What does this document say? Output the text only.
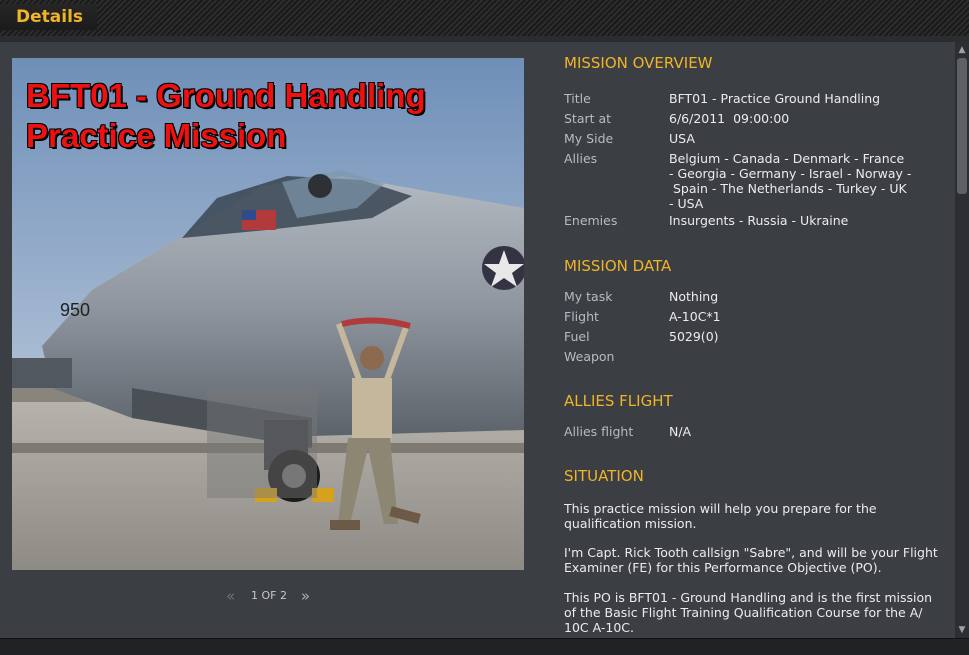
Details
950
BFT01 - Ground Handling
Practice Mission
« 1 OF 2 »
MISSION OVERVIEW
Title	BFT01 - Practice Ground Handling
Start at	6/6/2011  09:00:00
My Side	USA
Allies	Belgium - Canada - Denmark - France
- Georgia - Germany - Israel - Norway -
Spain - The Netherlands - Turkey - UK
- USA
Enemies	Insurgents - Russia - Ukraine
MISSION DATA
My task	Nothing
Flight	A-10C*1
Fuel	5029(0)
Weapon
ALLIES FLIGHT
Allies flight	N/A
SITUATION

This practice mission will help you prepare for the
qualification mission.

I'm Capt. Rick Tooth callsign "Sabre", and will be your Flight
Examiner (FE) for this Performance Objective (PO).

This PO is BFT01 - Ground Handling and is the first mission
of the Basic Flight Training Qualification Course for the A/
10C A-10C.

▲
▼
